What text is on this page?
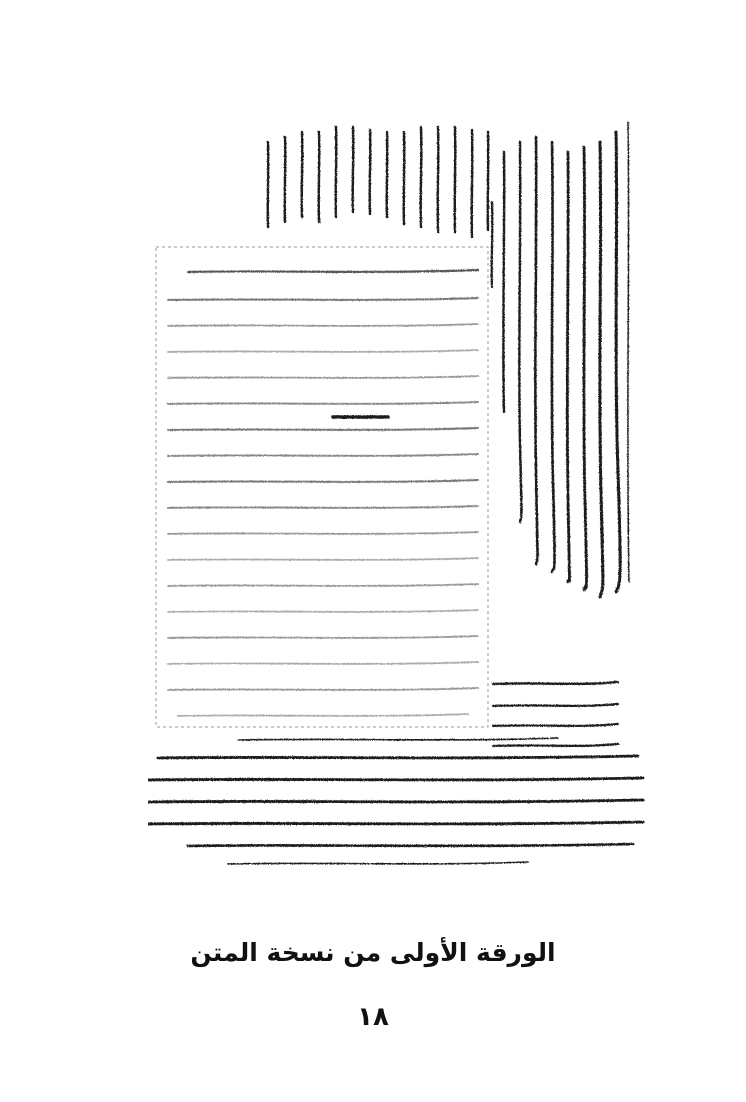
الورقة الأولى من نسخة المتن
١٨
